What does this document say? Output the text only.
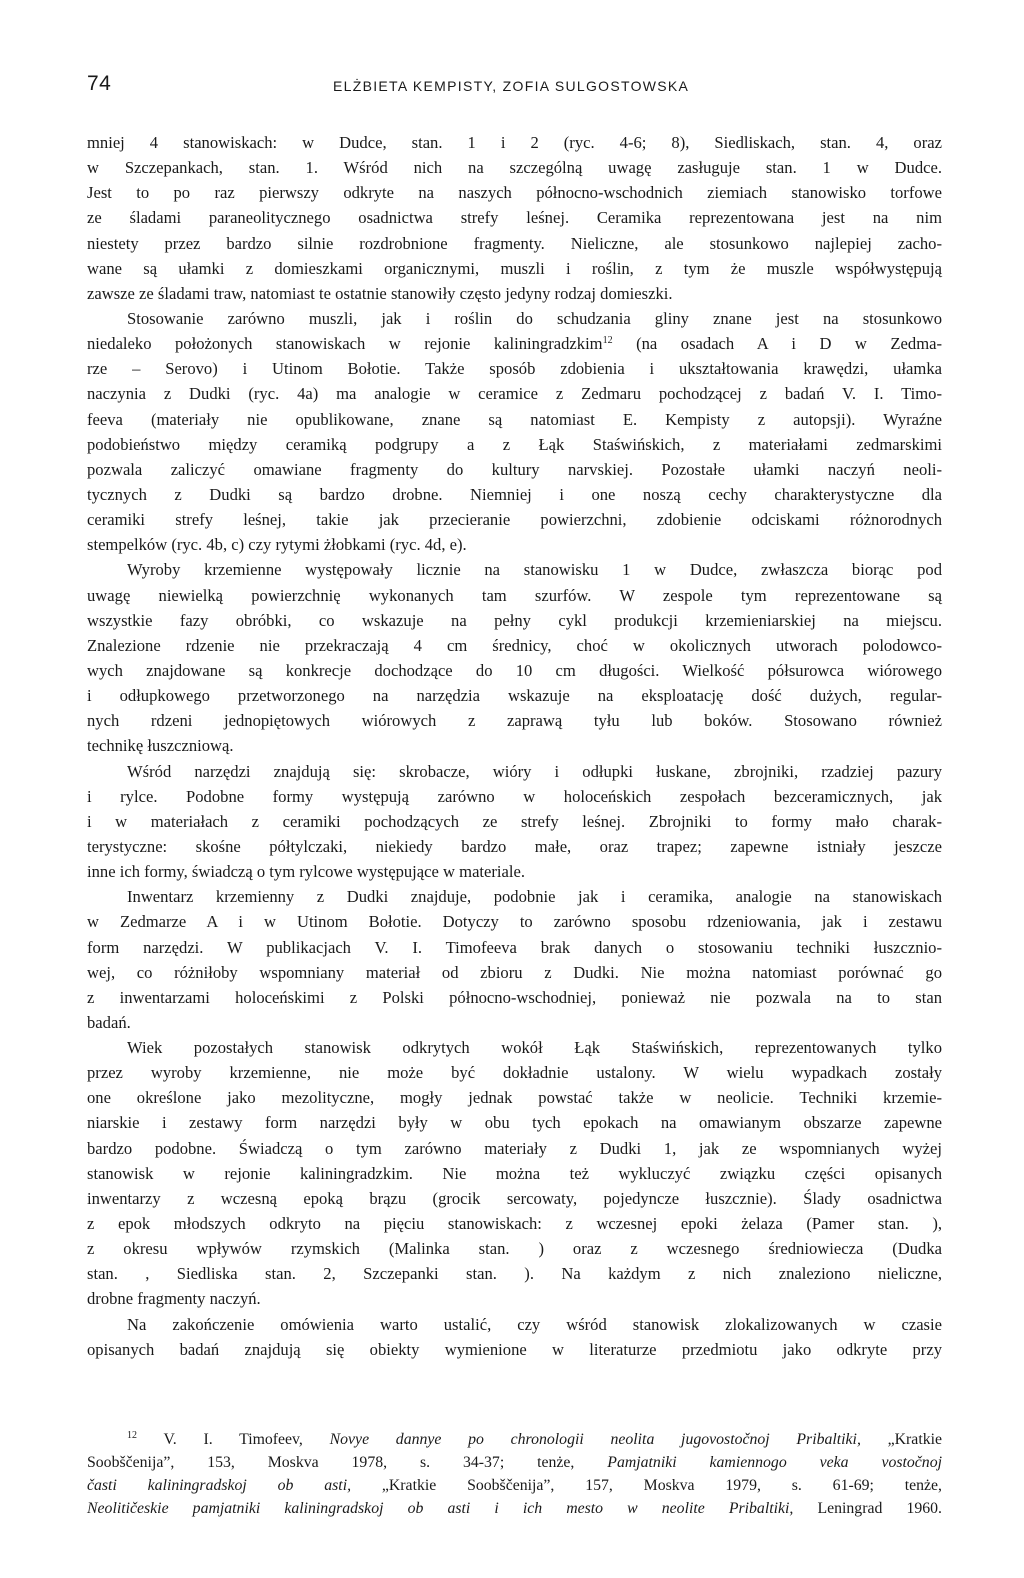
74	ELŻBIETA KEMPISTY, ZOFIA SULGOSTOWSKA
mniej 4 stanowiskach: w Dudce, stan. 1 i 2 (ryc. 4-6; 8), Siedliskach, stan. 4, oraz
w Szczepankach, stan. 1. Wśród nich na szczególną uwagę zasługuje stan. 1 w Dudce.
Jest to po raz pierwszy odkryte na naszych północno-wschodnich ziemiach stanowisko torfowe
ze śladami paraneolitycznego osadnictwa strefy leśnej. Ceramika reprezentowana jest na nim
niestety przez bardzo silnie rozdrobnione fragmenty. Nieliczne, ale stosunkowo najlepiej zacho-
wane są ułamki z domieszkami organicznymi, muszli i roślin, z tym że muszle współwystępują
zawsze ze śladami traw, natomiast te ostatnie stanowiły często jedyny rodzaj domieszki.
Stosowanie zarówno muszli, jak i roślin do schudzania gliny znane jest na stosunkowo
niedaleko położonych stanowiskach w rejonie kaliningradzkim$^{12}$ (na osadach A i D w Zedma-
rze – Serovo) i Utinom Bołotie. Także sposób zdobienia i ukształtowania krawędzi, ułamka
naczynia z Dudki (ryc. 4a) ma analogie w ceramice z Zedmaru pochodzącej z badań V. I. Timo-
feeva (materiały nie opublikowane, znane są natomiast E. Kempisty z autopsji). Wyraźne
podobieństwo między ceramiką podgrupy a z Łąk Staświńskich, z materiałami zedmarskimi
pozwala zaliczyć omawiane fragmenty do kultury narvskiej. Pozostałe ułamki naczyń neoli-
tycznych z Dudki są bardzo drobne. Niemniej i one noszą cechy charakterystyczne dla
ceramiki strefy leśnej, takie jak przecieranie powierzchni, zdobienie odciskami różnorodnych
stempelków (ryc. 4b, c) czy rytymi żłobkami (ryc. 4d, e).
Wyroby krzemienne występowały licznie na stanowisku 1 w Dudce, zwłaszcza biorąc pod
uwagę niewielką powierzchnię wykonanych tam szurfów. W zespole tym reprezentowane są
wszystkie fazy obróbki, co wskazuje na pełny cykl produkcji krzemieniarskiej na miejscu.
Znalezione rdzenie nie przekraczają 4 cm średnicy, choć w okolicznych utworach polodowco-
wych znajdowane są konkrecje dochodzące do 10 cm długości. Wielkość półsurowca wiórowego
i odłupkowego przetworzonego na narzędzia wskazuje na eksploatację dość dużych, regular-
nych rdzeni jednopiętowych wiórowych z zaprawą tyłu lub boków. Stosowano również
technikę łuszczniową.
Wśród narzędzi znajdują się: skrobacze, wióry i odłupki łuskane, zbrojniki, rzadziej pazury
i rylce. Podobne formy występują zarówno w holoceńskich zespołach bezceramicznych, jak
i w materiałach z ceramiki pochodzących ze strefy leśnej. Zbrojniki to formy mało charak-
terystyczne: skośne półtylczaki, niekiedy bardzo małe, oraz trapez; zapewne istniały jeszcze
inne ich formy, świadczą o tym rylcowe występujące w materiale.
Inwentarz krzemienny z Dudki znajduje, podobnie jak i ceramika, analogie na stanowiskach
w Zedmarze A i w Utinom Bołotie. Dotyczy to zarówno sposobu rdzeniowania, jak i zestawu
form narzędzi. W publikacjach V. I. Timofeeva brak danych o stosowaniu techniki łuszcznio-
wej, co różniłoby wspomniany materiał od zbioru z Dudki. Nie można natomiast porównać go
z inwentarzami holoceńskimi z Polski północno-wschodniej, ponieważ nie pozwala na to stan
badań.
Wiek pozostałych stanowisk odkrytych wokół Łąk Staświńskich, reprezentowanych tylko
przez wyroby krzemienne, nie może być dokładnie ustalony. W wielu wypadkach zostały
one określone jako mezolityczne, mogły jednak powstać także w neolicie. Techniki krzemie-
niarskie i zestawy form narzędzi były w obu tych epokach na omawianym obszarze zapewne
bardzo podobne. Świadczą o tym zarówno materiały z Dudki 1, jak ze wspomnianych wyżej
stanowisk w rejonie kaliningradzkim. Nie można też wykluczyć związku części opisanych
inwentarzy z wczesną epoką brązu (grocik sercowaty, pojedyncze łuszcznie). Ślady osadnictwa
z epok młodszych odkryto na pięciu stanowiskach: z wczesnej epoki żelaza (Pamer stan. ),
z okresu wpływów rzymskich (Malinka stan. ) oraz z wczesnego średniowiecza (Dudka
stan. , Siedliska stan. 2, Szczepanki stan. ). Na każdym z nich znaleziono nieliczne,
drobne fragmenty naczyń.
Na zakończenie omówienia warto ustalić, czy wśród stanowisk zlokalizowanych w czasie
opisanych badań znajdują się obiekty wymienione w literaturze przedmiotu jako odkryte przy
$^{12}$ V. I. Timofeev, Novye dannye po chronologii neolita jugovostočnoj Pribaltiki, „Kratkie
Soobščenija”, 153, Moskva 1978, s. 34-37; tenże, Pamjatniki kamiennogo veka vostočnoj
časti kaliningradskoj ob asti, „Kratkie Soobščenija”, 157, Moskva 1979, s. 61-69; tenże,
Neolitičeskie pamjatniki kaliningradskoj ob asti i ich mesto w neolite Pribaltiki, Leningrad 1960.
